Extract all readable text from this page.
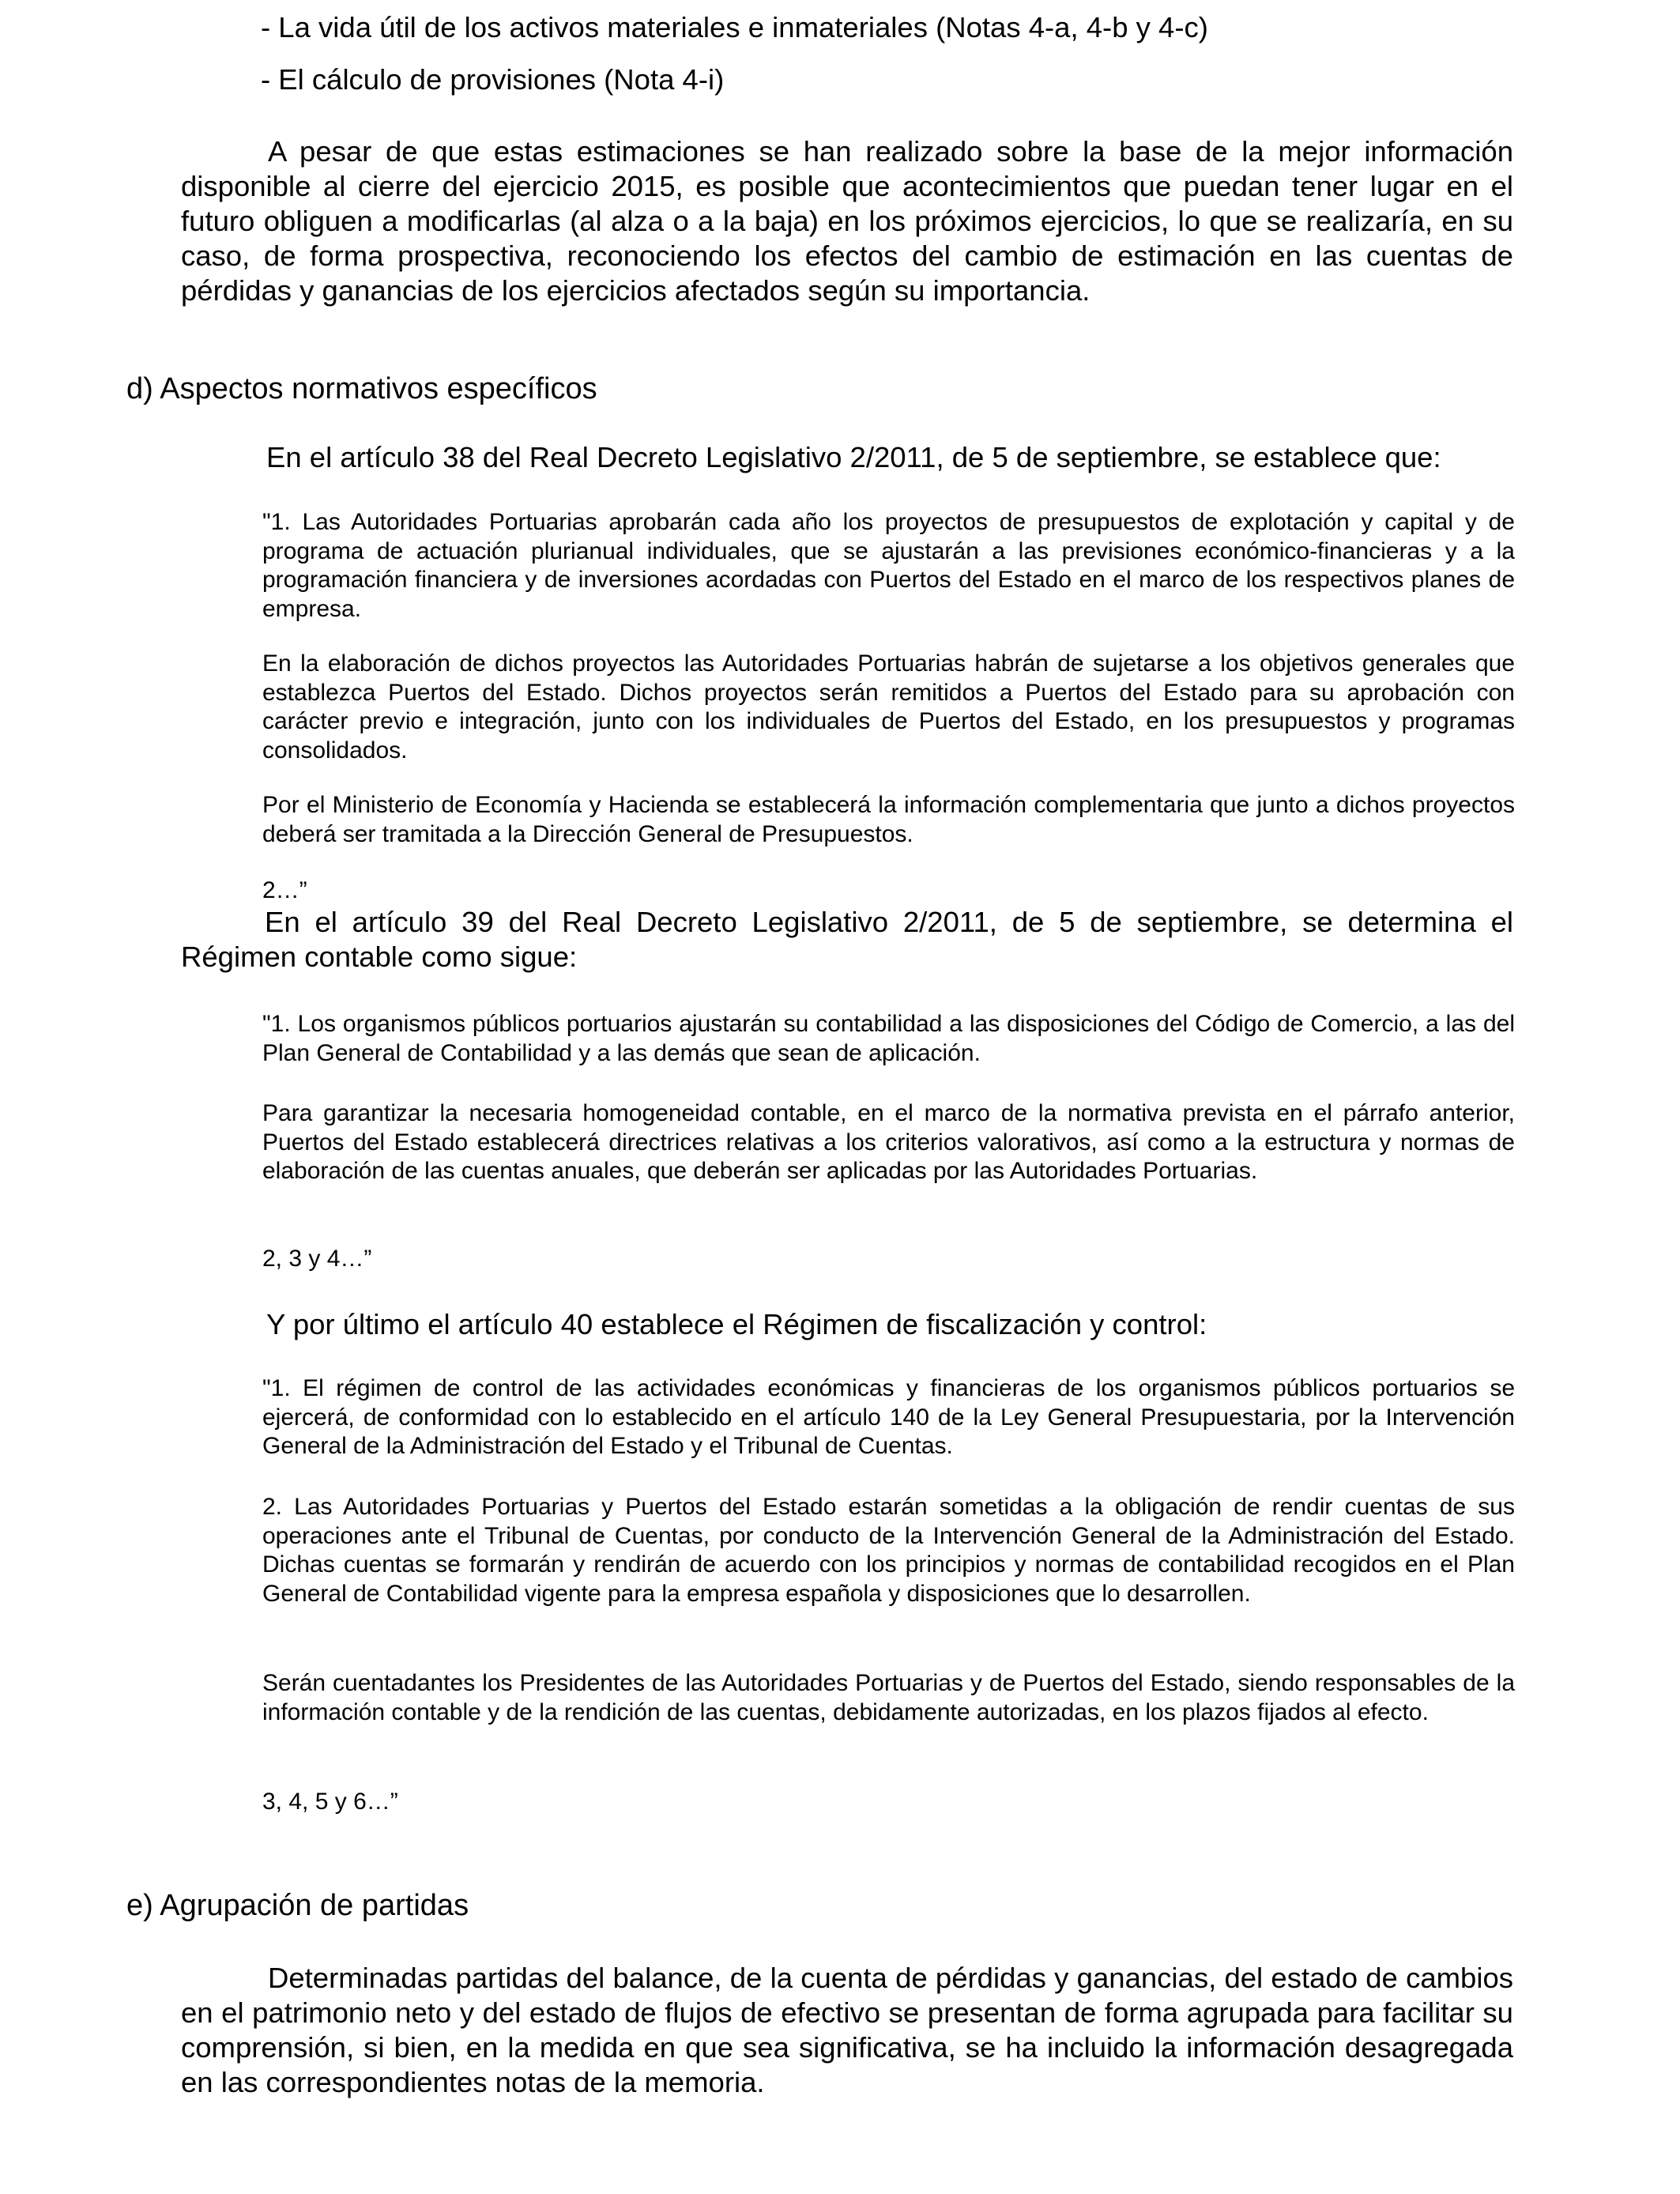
- La vida útil de los activos materiales e inmateriales (Notas 4-a, 4-b y 4-c)

- El cálculo de provisiones (Nota 4-i)

A pesar de que estas estimaciones se han realizado sobre la base de la mejor información disponible al cierre del ejercicio 2015, es posible que acontecimientos que puedan tener lugar en el futuro obliguen a modificarlas (al alza o a la baja) en los próximos ejercicios, lo que se realizaría, en su caso, de forma prospectiva, reconociendo los efectos del cambio de estimación en las cuentas de pérdidas y ganancias de los ejercicios afectados según su importancia.

d) Aspectos normativos específicos

En el artículo 38 del Real Decreto Legislativo 2/2011, de 5 de septiembre, se establece que:

"1. Las Autoridades Portuarias aprobarán cada año los proyectos de presupuestos de explotación y capital y de programa de actuación plurianual individuales, que se ajustarán a las previsiones económico-financieras y a la programación financiera y de inversiones acordadas con Puertos del Estado en el marco de los respectivos planes de empresa.

En la elaboración de dichos proyectos las Autoridades Portuarias habrán de sujetarse a los objetivos generales que establezca Puertos del Estado. Dichos proyectos serán remitidos a Puertos del Estado para su aprobación con carácter previo e integración, junto con los individuales de Puertos del Estado, en los presupuestos y programas consolidados.

Por el Ministerio de Economía y Hacienda se establecerá la información complementaria que junto a dichos proyectos deberá ser tramitada a la Dirección General de Presupuestos.

2…”

En el artículo 39 del Real Decreto Legislativo 2/2011, de 5 de septiembre, se determina el Régimen contable como sigue:

"1. Los organismos públicos portuarios ajustarán su contabilidad a las disposiciones del Código de Comercio, a las del Plan General de Contabilidad y a las demás que sean de aplicación.

Para garantizar la necesaria homogeneidad contable, en el marco de la normativa prevista en el párrafo anterior, Puertos del Estado establecerá directrices relativas a los criterios valorativos, así como a la estructura y normas de elaboración de las cuentas anuales, que deberán ser aplicadas por las Autoridades Portuarias.

2, 3 y 4…”

Y por último el artículo 40 establece el Régimen de fiscalización y control:

"1. El régimen de control de las actividades económicas y financieras de los organismos públicos portuarios se ejercerá, de conformidad con lo establecido en el artículo 140 de la Ley General Presupuestaria, por la Intervención General de la Administración del Estado y el Tribunal de Cuentas.

2. Las Autoridades Portuarias y Puertos del Estado estarán sometidas a la obligación de rendir cuentas de sus operaciones ante el Tribunal de Cuentas, por conducto de la Intervención General de la Administración del Estado. Dichas cuentas se formarán y rendirán de acuerdo con los principios y normas de contabilidad recogidos en el Plan General de Contabilidad vigente para la empresa española y disposiciones que lo desarrollen.

Serán cuentadantes los Presidentes de las Autoridades Portuarias y de Puertos del Estado, siendo responsables de la información contable y de la rendición de las cuentas, debidamente autorizadas, en los plazos fijados al efecto.

3, 4, 5 y 6…”

e) Agrupación de partidas

Determinadas partidas del balance, de la cuenta de pérdidas y ganancias, del estado de cambios en el patrimonio neto y del estado de flujos de efectivo se presentan de forma agrupada para facilitar su comprensión, si bien, en la medida en que sea significativa, se ha incluido la información desagregada en las correspondientes notas de la memoria.
